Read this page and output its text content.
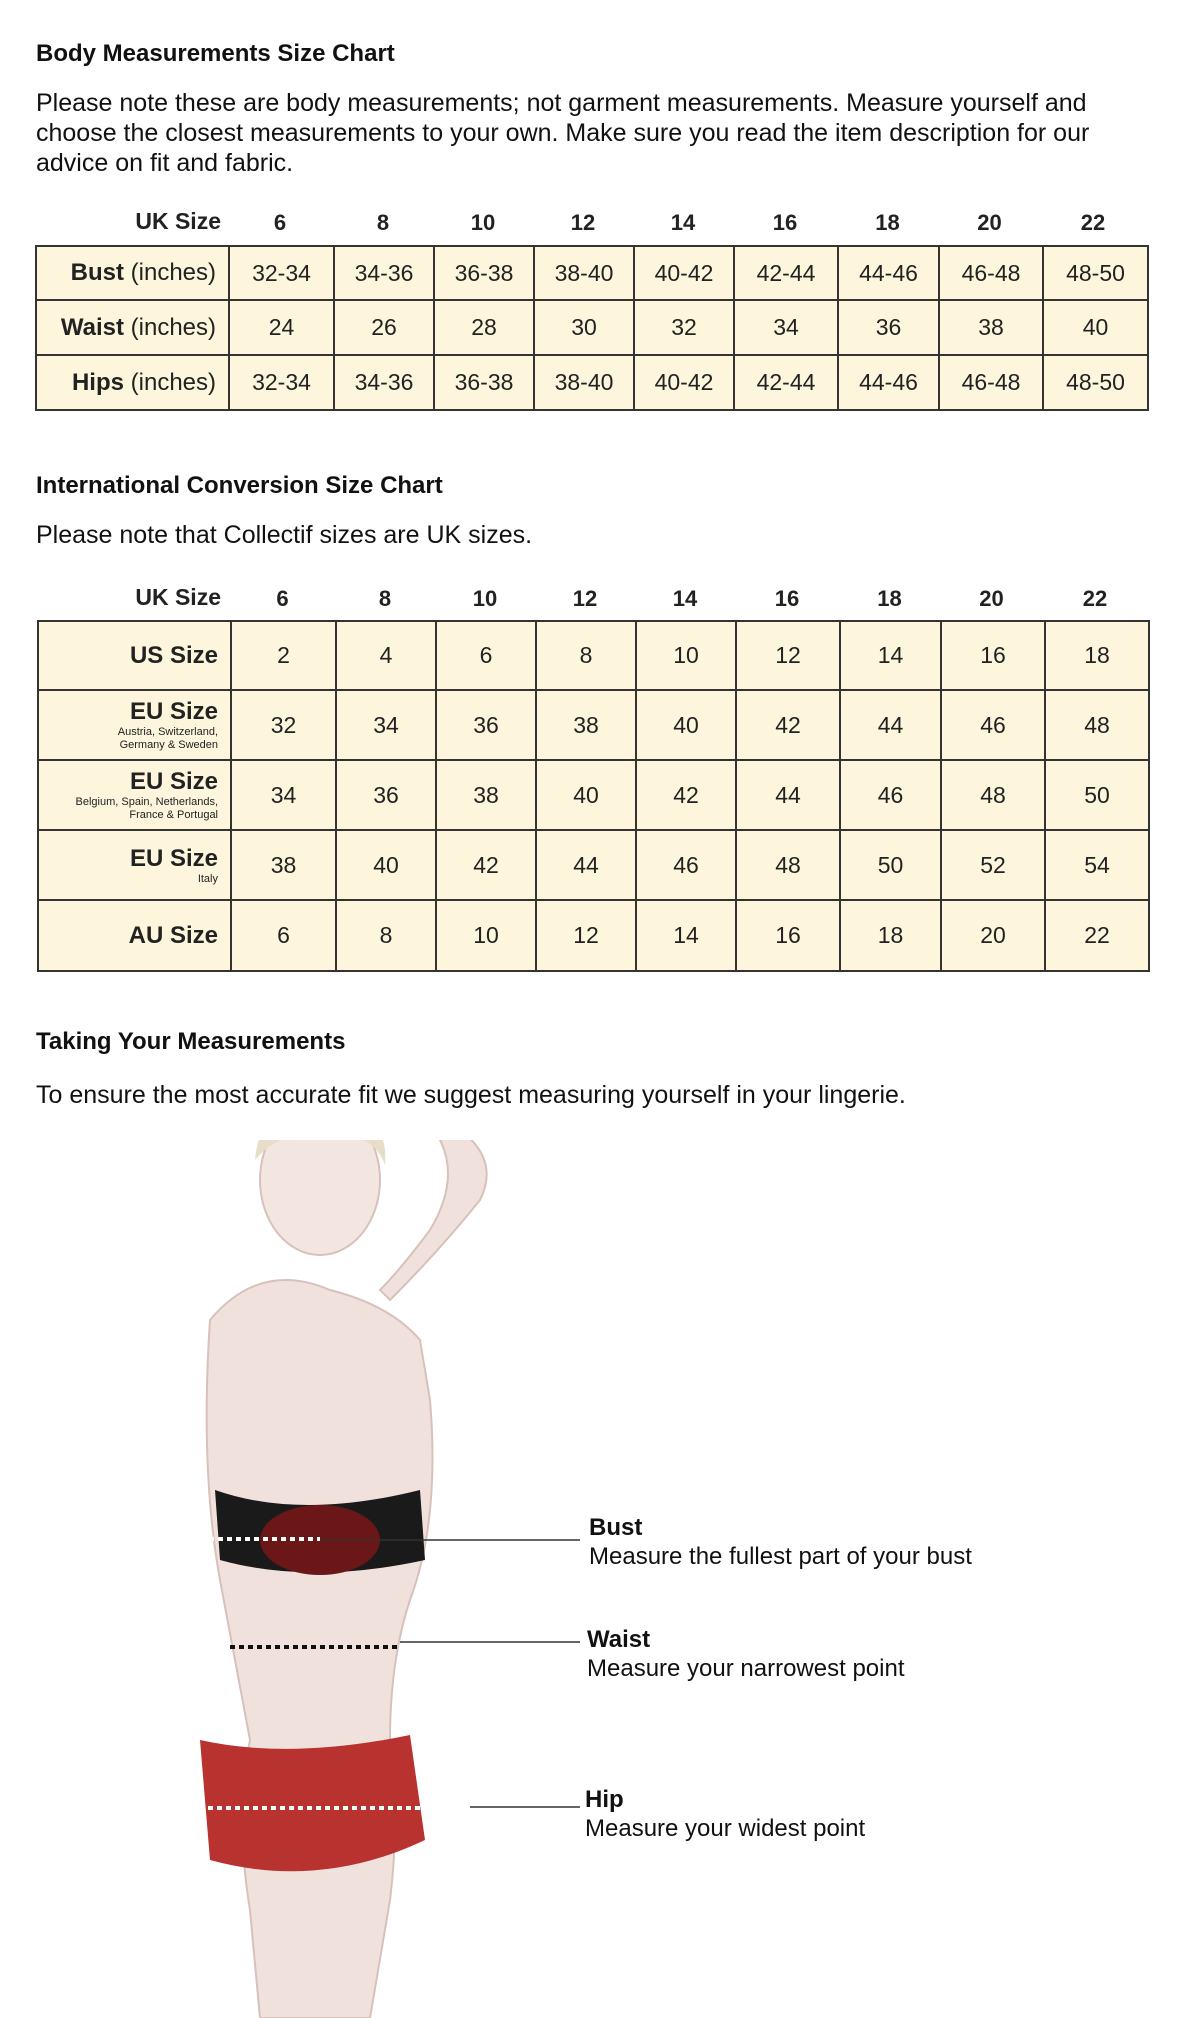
Body Measurements Size Chart

Please note these are body measurements; not garment measurements. Measure yourself and choose the closest measurements to your own. Make sure you read the item description for our advice on fit and fabric.

UK Size	6	8	10	12	14	16	18	20	22
Bust (inches)	32-34	34-36	36-38	38-40	40-42	42-44	44-46	46-48	48-50
Waist (inches)	24	26	28	30	32	34	36	38	40
Hips (inches)	32-34	34-36	36-38	38-40	40-42	42-44	44-46	46-48	48-50
International Conversion Size Chart

Please note that Collectif sizes are UK sizes.

UK Size	6	8	10	12	14	16	18	20	22
US Size	2	4	6	8	10	12	14	16	18
EU Size
Austria, Switzerland,
Germany & Sweden	32	34	36	38	40	42	44	46	48
EU Size
Belgium, Spain, Netherlands,
France & Portugal	34	36	38	40	42	44	46	48	50
EU Size
Italy	38	40	42	44	46	48	50	52	54
AU Size	6	8	10	12	14	16	18	20	22
Taking Your Measurements

To ensure the most accurate fit we suggest measuring yourself in your lingerie.

Bust
Measure the fullest part of your bust
Waist
Measure your narrowest point
Hip
Measure your widest point
